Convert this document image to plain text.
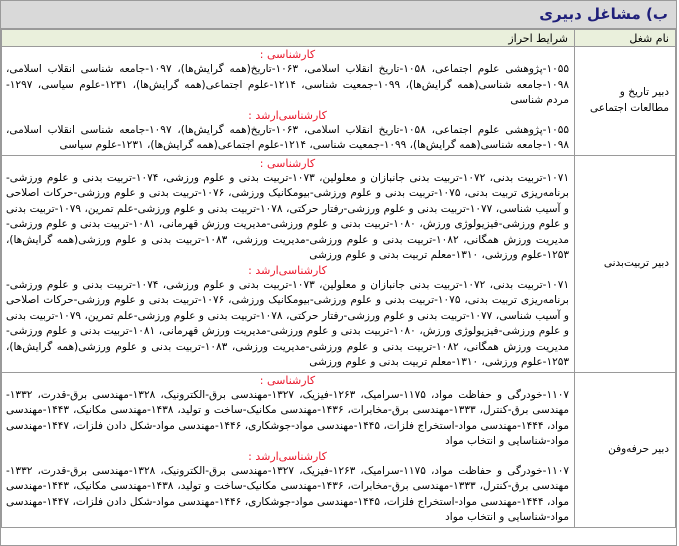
ب) مشاغل دبیری
نام شغل	شرایط احراز
دبیر تاریخ و مطالعات اجتماعی	کارشناسی :
۱۰۵۵-پژوهشی علوم اجتماعی، ۱۰۵۸-تاریخ انقلاب اسلامی، ۱۰۶۳-تاریخ(همه گرایش‌ها)، ۱۰۹۷-جامعه شناسی انقلاب اسلامی، ۱۰۹۸-جامعه شناسی(همه گرایش‌ها)، ۱۰۹۹-جمعیت شناسی، ۱۲۱۴-علوم اجتماعی(همه گرایش‌ها)، ۱۲۳۱-علوم سیاسی، ۱۲۹۷-مردم شناسی
کارشناسی‌ارشد :
۱۰۵۵-پژوهشی علوم اجتماعی، ۱۰۵۸-تاریخ انقلاب اسلامی، ۱۰۶۳-تاریخ(همه گرایش‌ها)، ۱۰۹۷-جامعه شناسی انقلاب اسلامی، ۱۰۹۸-جامعه شناسی(همه گرایش‌ها)، ۱۰۹۹-جمعیت شناسی، ۱۲۱۴-علوم اجتماعی(همه گرایش‌ها)، ۱۲۳۱-علوم سیاسی

دبیر تربیت‌بدنی	کارشناسی :
۱۰۷۱-تربیت بدنی، ۱۰۷۲-تربیت بدنی جانبازان و معلولین، ۱۰۷۳-تربیت بدنی و علوم ورزشی، ۱۰۷۴-تربیت بدنی و علوم ورزشی-برنامه‌ریزی تربیت بدنی، ۱۰۷۵-تربیت بدنی و علوم ورزشی-بیومکانیک ورزشی، ۱۰۷۶-تربیت بدنی و علوم ورزشی-حرکات اصلاحی و آسیب شناسی، ۱۰۷۷-تربیت بدنی و علوم ورزشی-رفتار حرکتی، ۱۰۷۸-تربیت بدنی و علوم ورزشی-علم تمرین، ۱۰۷۹-تربیت بدنی و علوم ورزشی-فیزیولوژی ورزش، ۱۰۸۰-تربیت بدنی و علوم ورزشی-مدیریت ورزش قهرمانی، ۱۰۸۱-تربیت بدنی و علوم ورزشی-مدیریت ورزش همگانی، ۱۰۸۲-تربیت بدنی و علوم ورزشی-مدیریت ورزشی، ۱۰۸۳-تربیت بدنی و علوم ورزشی(همه گرایش‌ها)، ۱۲۵۳-علوم ورزشی، ۱۳۱۰-معلم تربیت بدنی و علوم ورزشی
کارشناسی‌ارشد :
۱۰۷۱-تربیت بدنی، ۱۰۷۲-تربیت بدنی جانبازان و معلولین، ۱۰۷۳-تربیت بدنی و علوم ورزشی، ۱۰۷۴-تربیت بدنی و علوم ورزشی-برنامه‌ریزی تربیت بدنی، ۱۰۷۵-تربیت بدنی و علوم ورزشی-بیومکانیک ورزشی، ۱۰۷۶-تربیت بدنی و علوم ورزشی-حرکات اصلاحی و آسیب شناسی، ۱۰۷۷-تربیت بدنی و علوم ورزشی-رفتار حرکتی، ۱۰۷۸-تربیت بدنی و علوم ورزشی-علم تمرین، ۱۰۷۹-تربیت بدنی و علوم ورزشی-فیزیولوژی ورزش، ۱۰۸۰-تربیت بدنی و علوم ورزشی-مدیریت ورزش قهرمانی، ۱۰۸۱-تربیت بدنی و علوم ورزشی-مدیریت ورزش همگانی، ۱۰۸۲-تربیت بدنی و علوم ورزشی-مدیریت ورزشی، ۱۰۸۳-تربیت بدنی و علوم ورزشی(همه گرایش‌ها)، ۱۲۵۳-علوم ورزشی، ۱۳۱۰-معلم تربیت بدنی و علوم ورزشی

دبیر حرفه‌وفن	کارشناسی :
۱۱۰۷-خودرگی و حفاظت مواد، ۱۱۷۵-سرامیک، ۱۲۶۳-فیزیک، ۱۳۲۷-مهندسی برق-الکترونیک، ۱۳۲۸-مهندسی برق-قدرت، ۱۳۳۲-مهندسی برق-کنترل، ۱۳۳۳-مهندسی برق-مخابرات، ۱۴۳۶-مهندسی مکانیک-ساخت و تولید، ۱۴۳۸-مهندسی مکانیک، ۱۴۴۳-مهندسی مواد، ۱۴۴۴-مهندسی مواد-استخراج فلزات، ۱۴۴۵-مهندسی مواد-جوشکاری، ۱۴۴۶-مهندسی مواد-شکل دادن فلزات، ۱۴۴۷-مهندسی مواد-شناسایی و انتخاب مواد
کارشناسی‌ارشد :
۱۱۰۷-خودرگی و حفاظت مواد، ۱۱۷۵-سرامیک، ۱۲۶۳-فیزیک، ۱۳۲۷-مهندسی برق-الکترونیک، ۱۳۲۸-مهندسی برق-قدرت، ۱۳۳۲-مهندسی برق-کنترل، ۱۳۳۳-مهندسی برق-مخابرات، ۱۴۳۶-مهندسی مکانیک-ساخت و تولید، ۱۴۳۸-مهندسی مکانیک، ۱۴۴۳-مهندسی مواد، ۱۴۴۴-مهندسی مواد-استخراج فلزات، ۱۴۴۵-مهندسی مواد-جوشکاری، ۱۴۴۶-مهندسی مواد-شکل دادن فلزات، ۱۴۴۷-مهندسی مواد-شناسایی و انتخاب مواد
